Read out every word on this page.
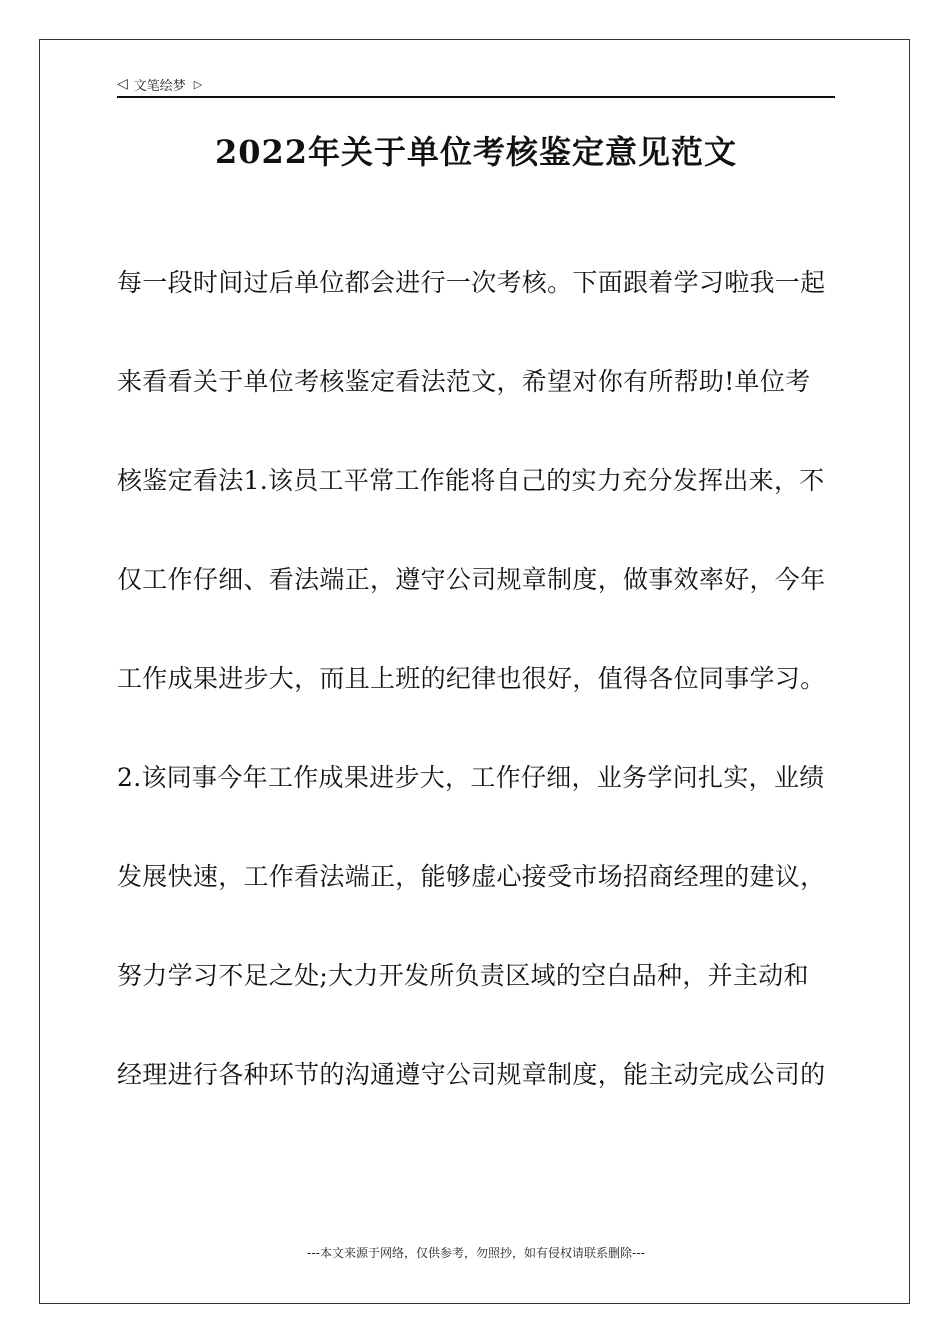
◁ 文笔绘梦 ▷
2022年关于单位考核鉴定意见范文
每一段时间过后单位都会进行一次考核。下面跟着学习啦我一起
来看看关于单位考核鉴定看法范文，希望对你有所帮助!单位考
核鉴定看法1.该员工平常工作能将自己的实力充分发挥出来，不
仅工作仔细、看法端正，遵守公司规章制度，做事效率好，今年
工作成果进步大，而且上班的纪律也很好，值得各位同事学习。
2.该同事今年工作成果进步大，工作仔细，业务学问扎实，业绩
发展快速，工作看法端正，能够虚心接受市场招商经理的建议，
努力学习不足之处;大力开发所负责区域的空白品种，并主动和
经理进行各种环节的沟通遵守公司规章制度，能主动完成公司的
---本文来源于网络，仅供参考，勿照抄，如有侵权请联系删除---
